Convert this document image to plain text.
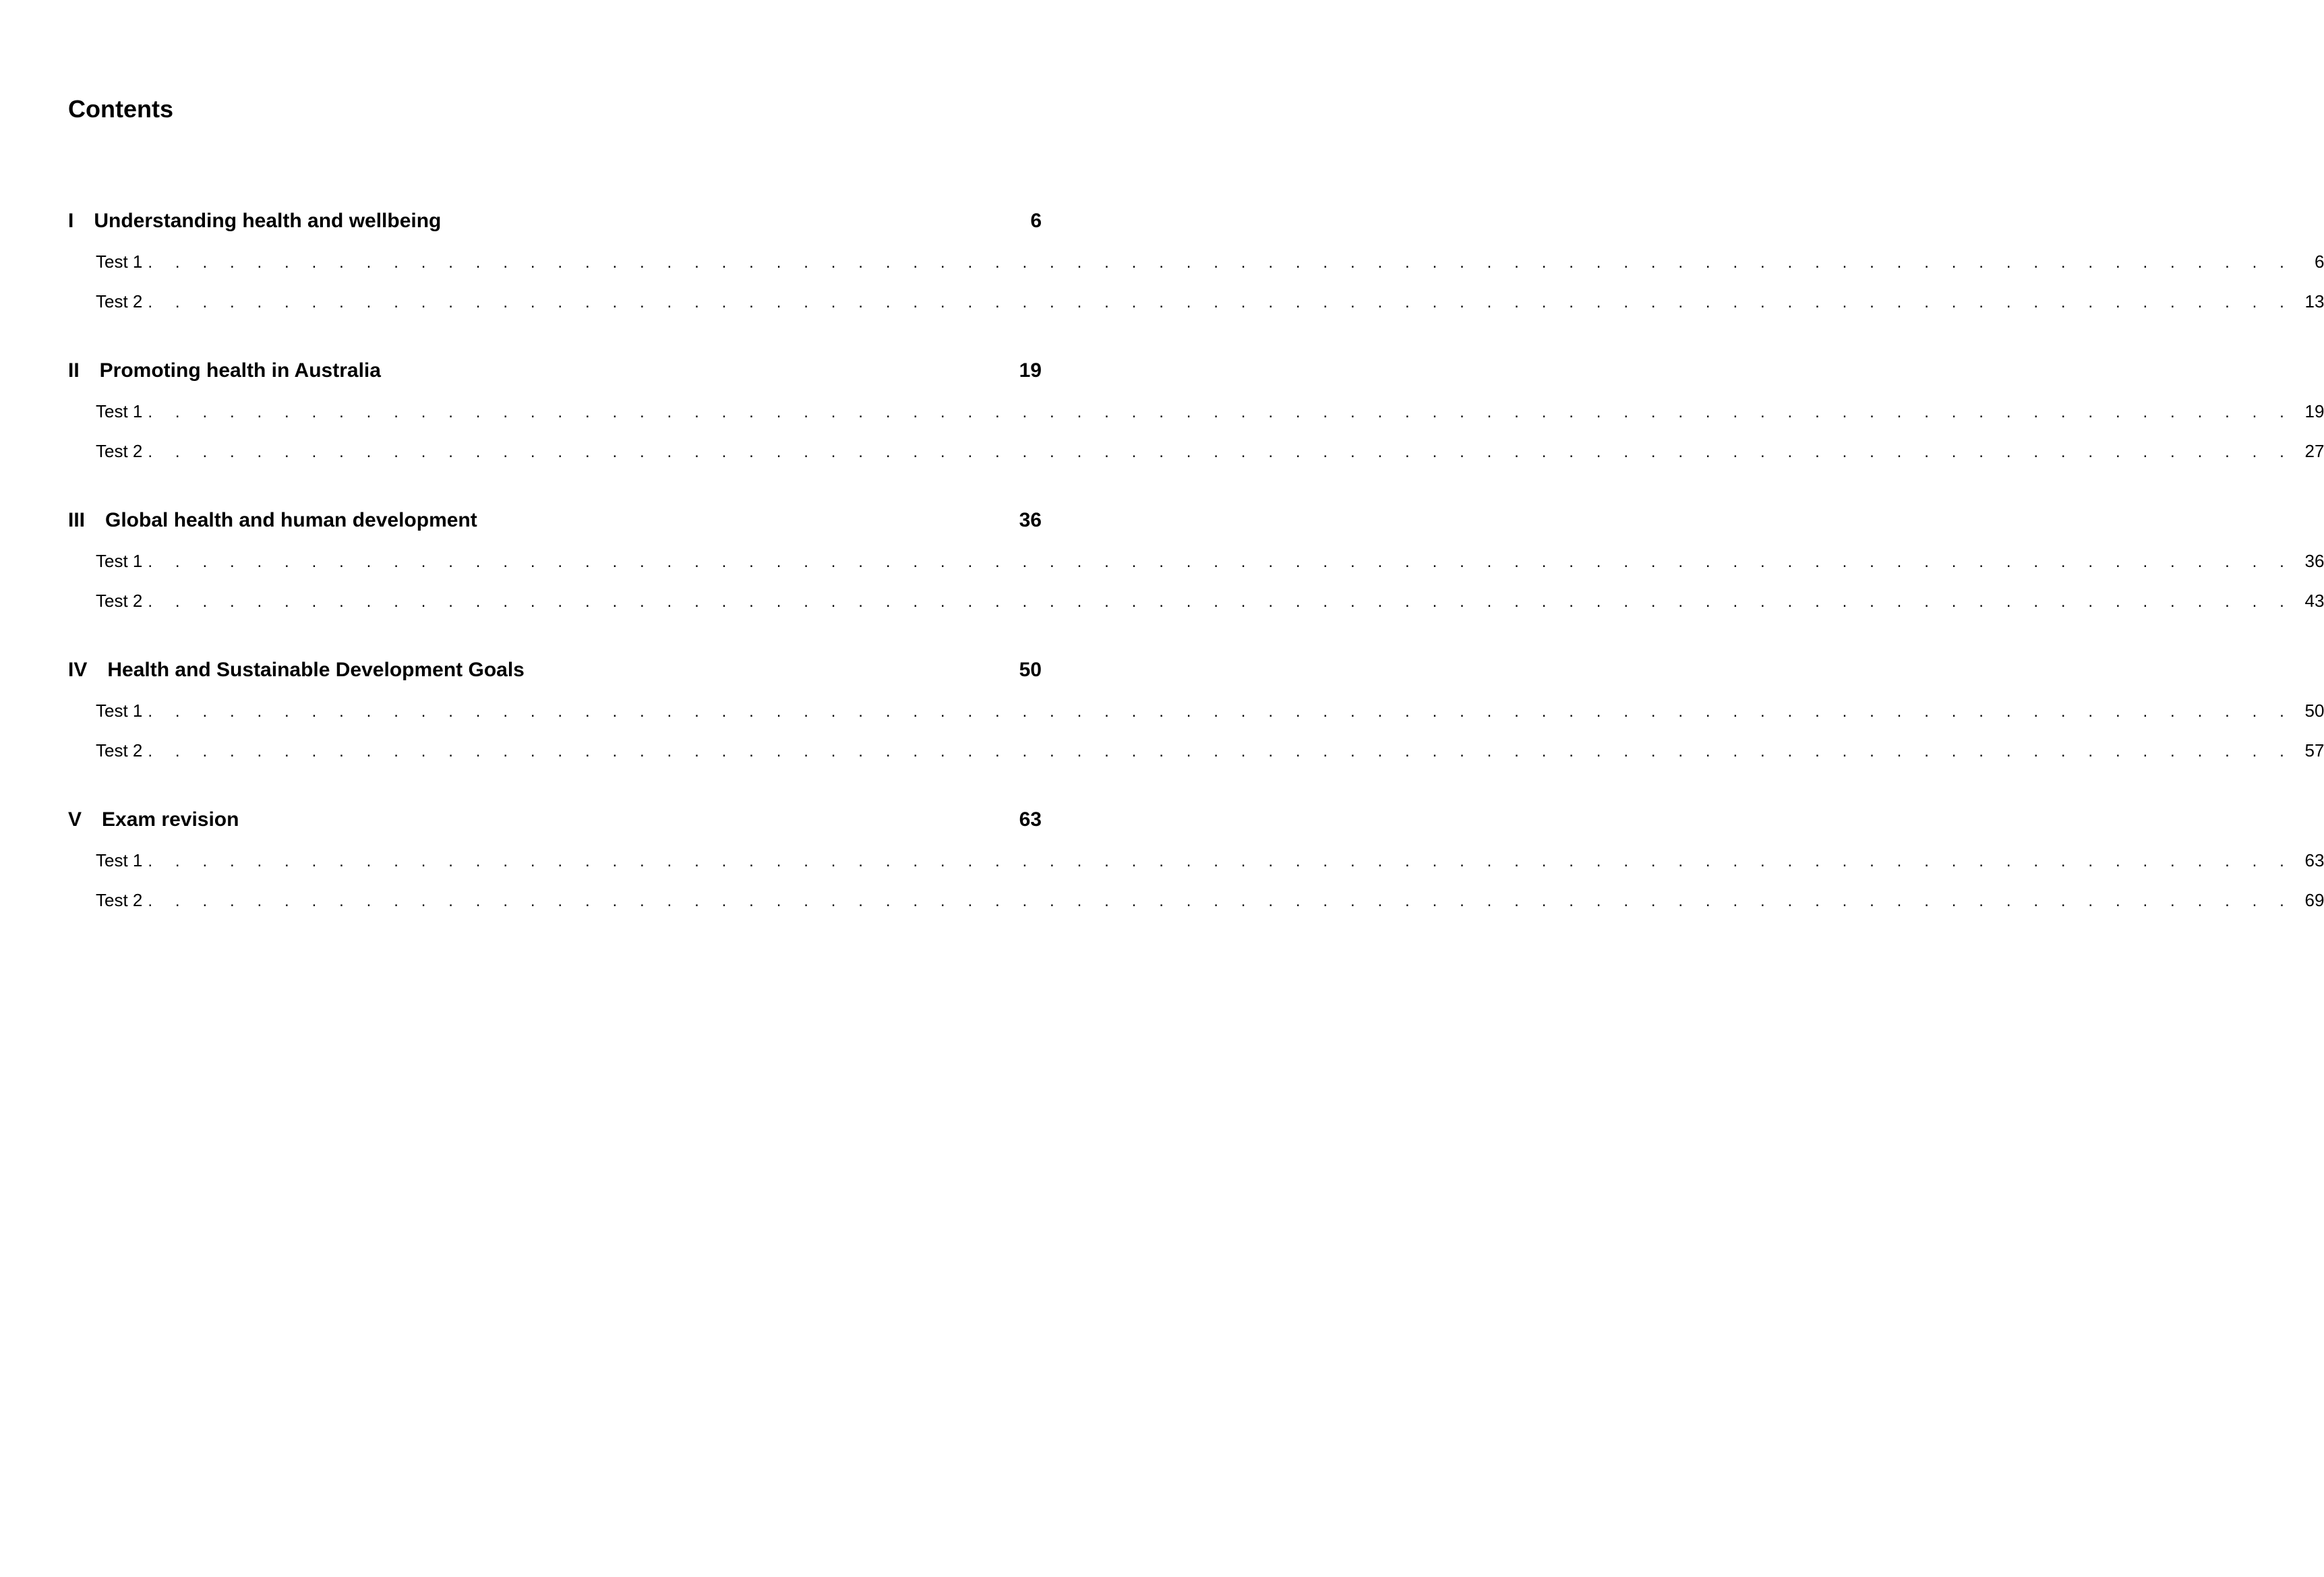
Contents
I	Understanding health and wellbeing	6
Test 1 . . . . . . . . . . . . . . . . . . . . . . . . . . . . . . . . . . . . . . . . . . . . . . . . . . . . . . . . . . . . . . . . . . . . . . . . . . . . . . .	6
Test 2 . . . . . . . . . . . . . . . . . . . . . . . . . . . . . . . . . . . . . . . . . . . . . . . . . . . . . . . . . . . . . . . . . . . . . . . . . . . . . . . 13
II	Promoting health in Australia	19
Test 1 . . . . . . . . . . . . . . . . . . . . . . . . . . . . . . . . . . . . . . . . . . . . . . . . . . . . . . . . . . . . . . . . . . . . . . . . . . . . . . . 19
Test 2 . . . . . . . . . . . . . . . . . . . . . . . . . . . . . . . . . . . . . . . . . . . . . . . . . . . . . . . . . . . . . . . . . . . . . . . . . . . . . . . 27
III	Global health and human development	36
Test 1 . . . . . . . . . . . . . . . . . . . . . . . . . . . . . . . . . . . . . . . . . . . . . . . . . . . . . . . . . . . . . . . . . . . . . . . . . . . . . . . 36
Test 2 . . . . . . . . . . . . . . . . . . . . . . . . . . . . . . . . . . . . . . . . . . . . . . . . . . . . . . . . . . . . . . . . . . . . . . . . . . . . . . . 43
IV	Health and Sustainable Development Goals	50
Test 1 . . . . . . . . . . . . . . . . . . . . . . . . . . . . . . . . . . . . . . . . . . . . . . . . . . . . . . . . . . . . . . . . . . . . . . . . . . . . . . . 50
Test 2 . . . . . . . . . . . . . . . . . . . . . . . . . . . . . . . . . . . . . . . . . . . . . . . . . . . . . . . . . . . . . . . . . . . . . . . . . . . . . . . 57
V	Exam revision	63
Test 1 . . . . . . . . . . . . . . . . . . . . . . . . . . . . . . . . . . . . . . . . . . . . . . . . . . . . . . . . . . . . . . . . . . . . . . . . . . . . . . . 63
Test 2 . . . . . . . . . . . . . . . . . . . . . . . . . . . . . . . . . . . . . . . . . . . . . . . . . . . . . . . . . . . . . . . . . . . . . . . . . . . . . . . 69
